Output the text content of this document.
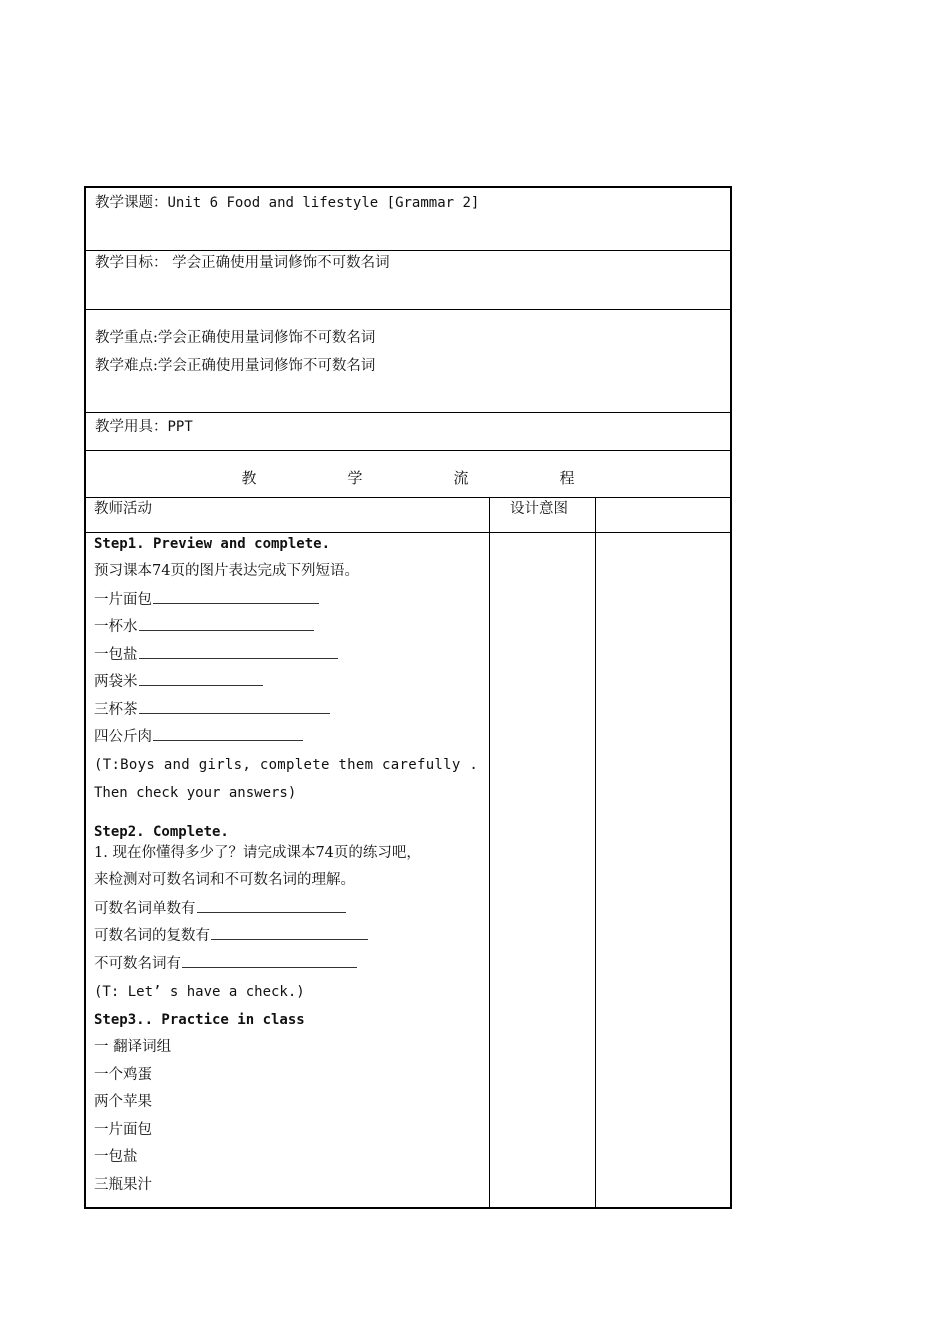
教学课题：Unit 6 Food and lifestyle [Grammar 2]
教学目标： 学会正确使用量词修饰不可数名词
教学重点:学会正确使用量词修饰不可数名词
教学难点:学会正确使用量词修饰不可数名词
教学用具：PPT
教	学	流	程
教师活动	设计意图
Step1. Preview and complete.
预习课本74页的图片表达完成下列短语。
一片面包
一杯水
一包盐
两袋米
三杯茶
四公斤肉
(T:Boys and girls, complete them carefully .
Then check your answers)
Step2. Complete.
1. 现在你懂得多少了？请完成课本74页的练习吧，
来检测对可数名词和不可数名词的理解。
可数名词单数有
可数名词的复数有
不可数名词有
(T: Let’ s have a check.)
Step3.. Practice in class
一 翻译词组
一个鸡蛋
两个苹果
一片面包
一包盐
三瓶果汁
